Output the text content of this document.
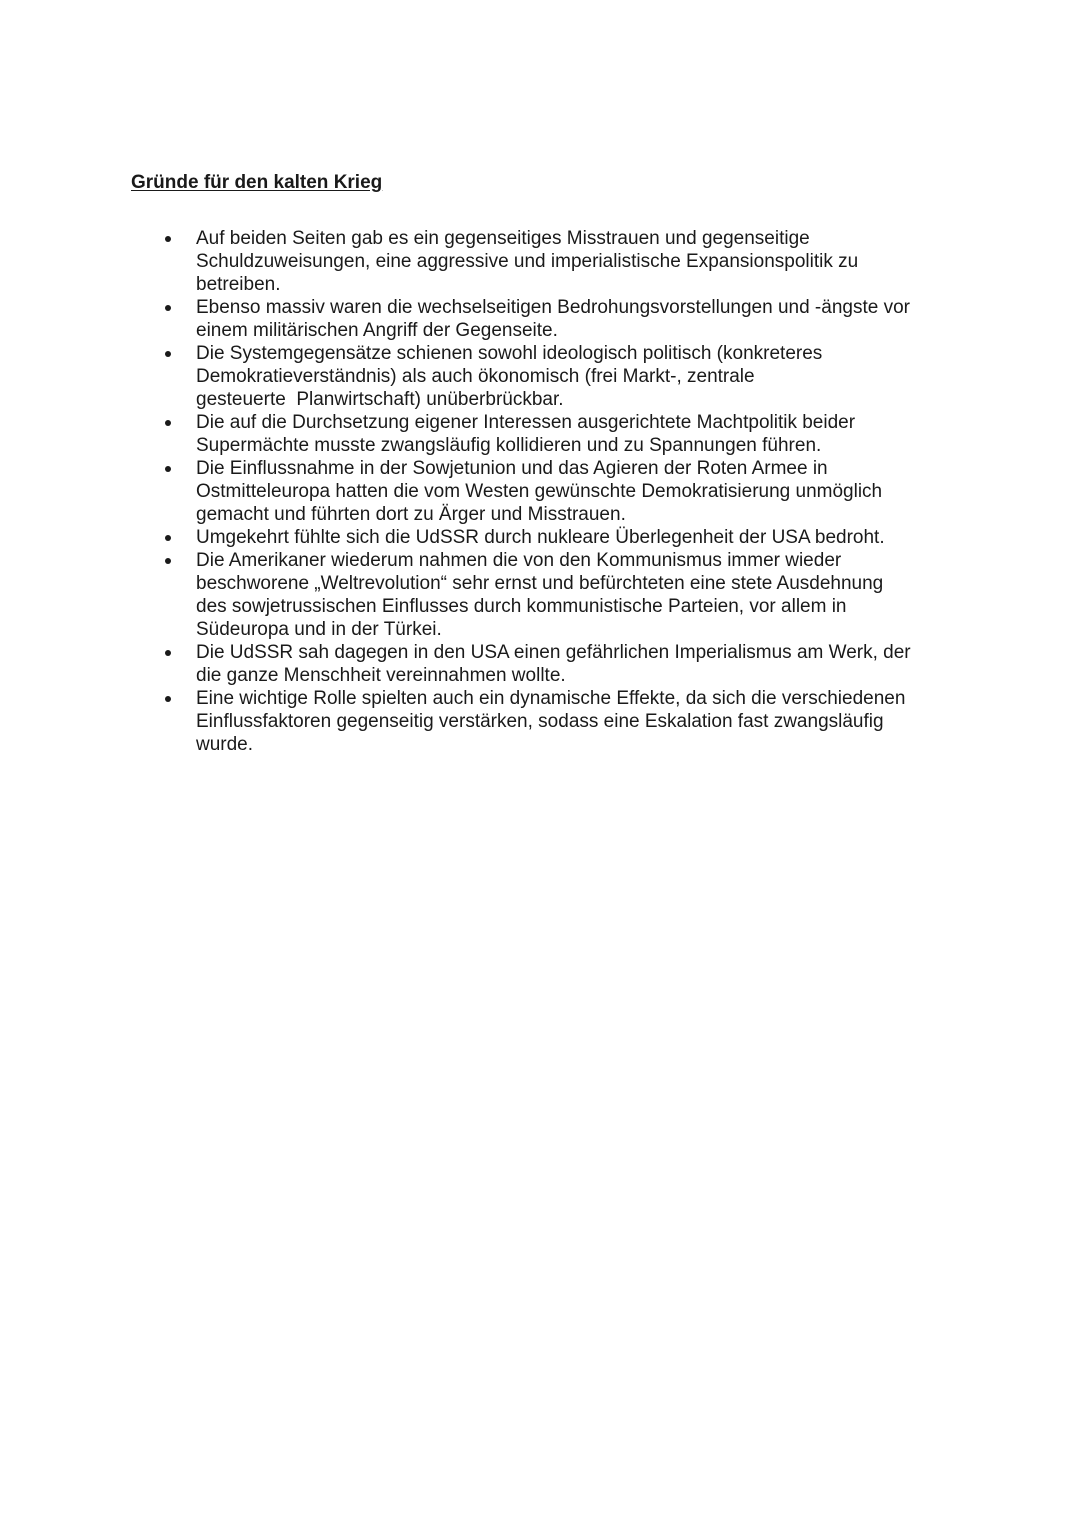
Gründe für den kalten Krieg
Auf beiden Seiten gab es ein gegenseitiges Misstrauen und gegenseitige
Schuldzuweisungen, eine aggressive und imperialistische Expansionspolitik zu
betreiben.
Ebenso massiv waren die wechselseitigen Bedrohungsvorstellungen und -ängste vor
einem militärischen Angriff der Gegenseite.
Die Systemgegensätze schienen sowohl ideologisch politisch (konkreteres
Demokratieverständnis) als auch ökonomisch (frei Markt-, zentrale
gesteuerte  Planwirtschaft) unüberbrückbar.
Die auf die Durchsetzung eigener Interessen ausgerichtete Machtpolitik beider
Supermächte musste zwangsläufig kollidieren und zu Spannungen führen.
Die Einflussnahme in der Sowjetunion und das Agieren der Roten Armee in
Ostmitteleuropa hatten die vom Westen gewünschte Demokratisierung unmöglich
gemacht und führten dort zu Ärger und Misstrauen.
Umgekehrt fühlte sich die UdSSR durch nukleare Überlegenheit der USA bedroht.
Die Amerikaner wiederum nahmen die von den Kommunismus immer wieder
beschworene „Weltrevolution“ sehr ernst und befürchteten eine stete Ausdehnung
des sowjetrussischen Einflusses durch kommunistische Parteien, vor allem in
Südeuropa und in der Türkei.
Die UdSSR sah dagegen in den USA einen gefährlichen Imperialismus am Werk, der
die ganze Menschheit vereinnahmen wollte.
Eine wichtige Rolle spielten auch ein dynamische Effekte, da sich die verschiedenen
Einflussfaktoren gegenseitig verstärken, sodass eine Eskalation fast zwangsläufig
wurde.
